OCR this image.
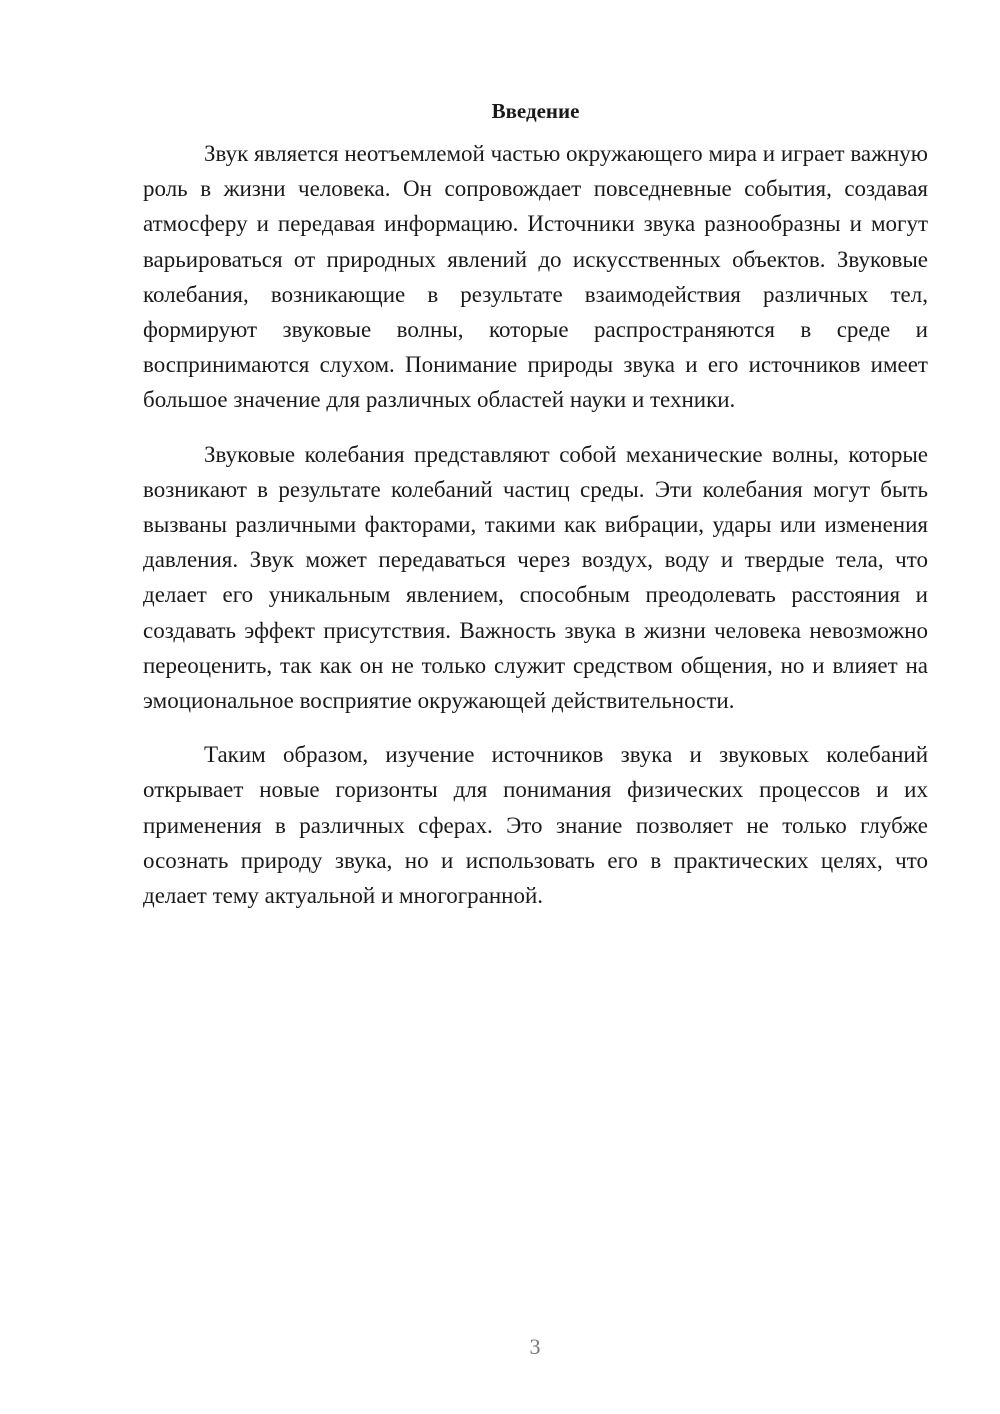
Введение

Звук является неотъемлемой частью окружающего мира и играет важную роль в жизни человека. Он сопровождает повседневные события, создавая атмосферу и передавая информацию. Источники звука разнообразны и могут варьироваться от природных явлений до искусственных объектов. Звуковые колебания, возникающие в результате взаимодействия различных тел, формируют звуковые волны, которые распространяются в среде и воспринимаются слухом. Понимание природы звука и его источников имеет большое значение для различных областей науки и техники.

Звуковые колебания представляют собой механические волны, которые возникают в результате колебаний частиц среды. Эти колебания могут быть вызваны различными факторами, такими как вибрации, удары или изменения давления. Звук может передаваться через воздух, воду и твердые тела, что делает его уникальным явлением, способным преодолевать расстояния и создавать эффект присутствия. Важность звука в жизни человека невозможно переоценить, так как он не только служит средством общения, но и влияет на эмоциональное восприятие окружающей действительности.

Таким образом, изучение источников звука и звуковых колебаний открывает новые горизонты для понимания физических процессов и их применения в различных сферах. Это знание позволяет не только глубже осознать природу звука, но и использовать его в практических целях, что делает тему актуальной и многогранной.

3
